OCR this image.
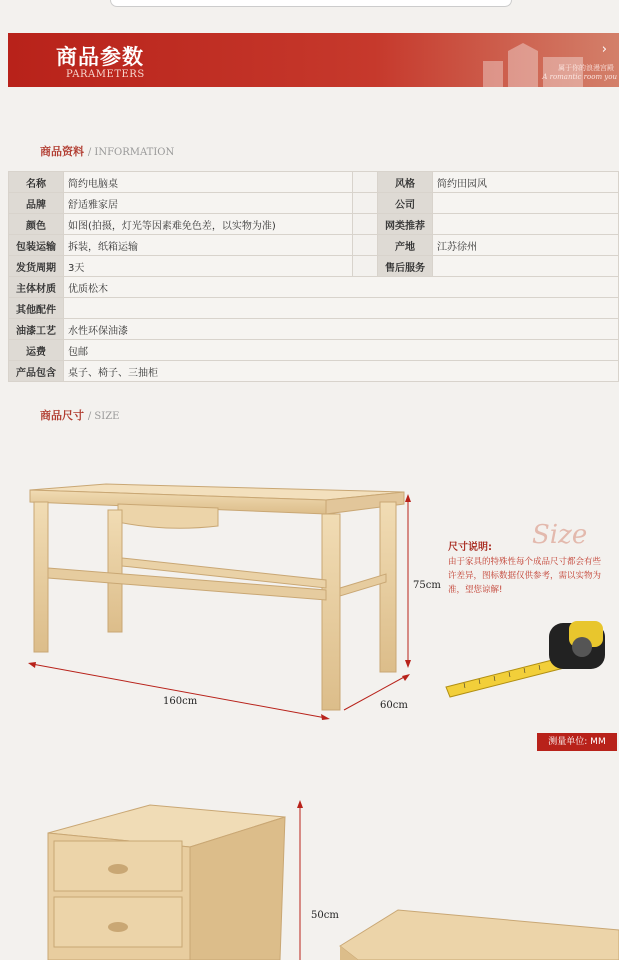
商品参数
PARAMETERS
›
属于你的浪漫宫殿
A romantic room you
商品资料 / INFORMATION
名称	简约电脑桌		风格	简约田园风
品牌	舒适雅家居		公司	
颜色	如图(拍摄，灯光等因素难免色差，以实物为准)		网类推荐	
包装运输	拆装，纸箱运输		产地	江苏徐州
发货周期	3天		售后服务	
主体材质	优质松木			
其他配件				
油漆工艺	水性环保油漆			
运费	包邮			
产品包含	桌子、椅子、三抽柜			
商品尺寸 / SIZE
75cm
160cm	60cm
Size
尺寸说明:
由于家具的特殊性每个成品尺寸都会有些许差异，图标数据仅供参考，需以实物为准，望您谅解!
测量单位: MM
50cm
